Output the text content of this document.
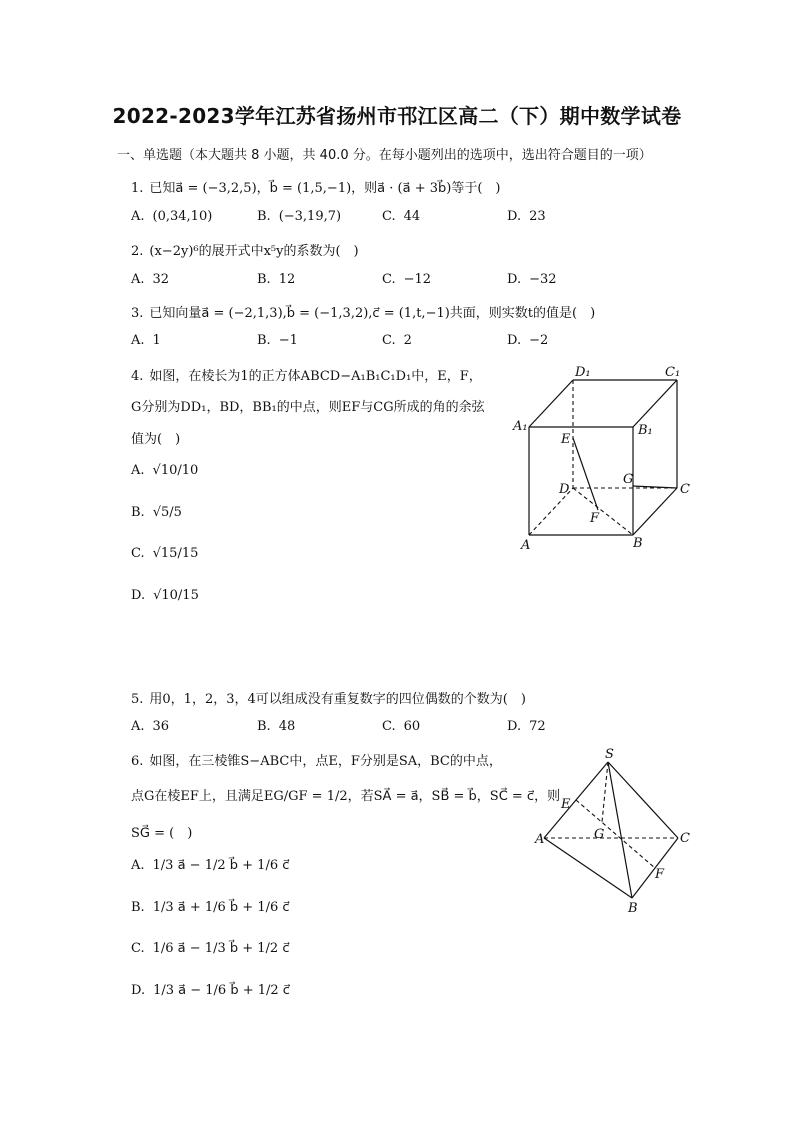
2022-2023学年江苏省扬州市邗江区高二（下）期中数学试卷
一、单选题（本大题共 8 小题，共 40.0 分。在每小题列出的选项中，选出符合题目的一项）
1. 已知a⃗ = (−3,2,5)，b⃗ = (1,5,−1)，则a⃗ · (a⃗ + 3b⃗)等于(　)
A. (0,34,10)	B. (−3,19,7)	C. 44	D. 23
2. (x−2y)⁶的展开式中x⁵y的系数为(　)
A. 32	B. 12	C. −12	D. −32
3. 已知向量a⃗ = (−2,1,3),b⃗ = (−1,3,2),c⃗ = (1,t,−1)共面，则实数t的值是(　)
A. 1	B. −1	C. 2	D. −2
4. 如图，在棱长为1的正方体ABCD−A₁B₁C₁D₁中，E，F，
G分别为DD₁，BD，BB₁的中点，则EF与CG所成的角的余弦
值为(　)
A. √10/10
B. √5/5
C. √15/15
D. √10/15
D₁	C₁
A₁	B₁
E
G
D	C
F
A	B
5. 用0，1，2，3，4可以组成没有重复数字的四位偶数的个数为(　)
A. 36	B. 48	C. 60	D. 72
6. 如图，在三棱锥S−ABC中，点E，F分别是SA，BC的中点，
点G在棱EF上，且满足EG/GF = 1/2，若SA⃗ = a⃗，SB⃗ = b⃗，SC⃗ = c⃗，则
SG⃗ = (　)
A. 1/3 a⃗ − 1/2 b⃗ + 1/6 c⃗
B. 1/3 a⃗ + 1/6 b⃗ + 1/6 c⃗
C. 1/6 a⃗ − 1/3 b⃗ + 1/2 c⃗
D. 1/3 a⃗ − 1/6 b⃗ + 1/2 c⃗
S
E
A	G	C
F
B
